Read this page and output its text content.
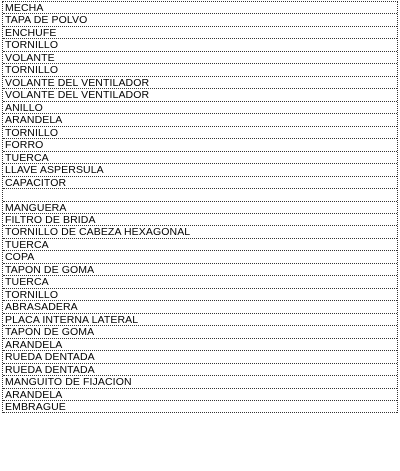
MECHA
TAPA DE POLVO
ENCHUFE
TORNILLO
VOLANTE
TORNILLO
VOLANTE DEL VENTILADOR
VOLANTE DEL VENTILADOR
ANILLO
ARANDELA
TORNILLO
FORRO
TUERCA
LLAVE ASPERSULA
CAPACITOR
MANGUERA
FILTRO DE BRIDA
TORNILLO DE CABEZA HEXAGONAL
TUERCA
COPA
TAPON DE GOMA
TUERCA
TORNILLO
ABRASADERA
PLACA INTERNA LATERAL
TAPON DE GOMA
ARANDELA
RUEDA DENTADA
RUEDA DENTADA
MANGUITO DE FIJACION
ARANDELA
EMBRAGUE
